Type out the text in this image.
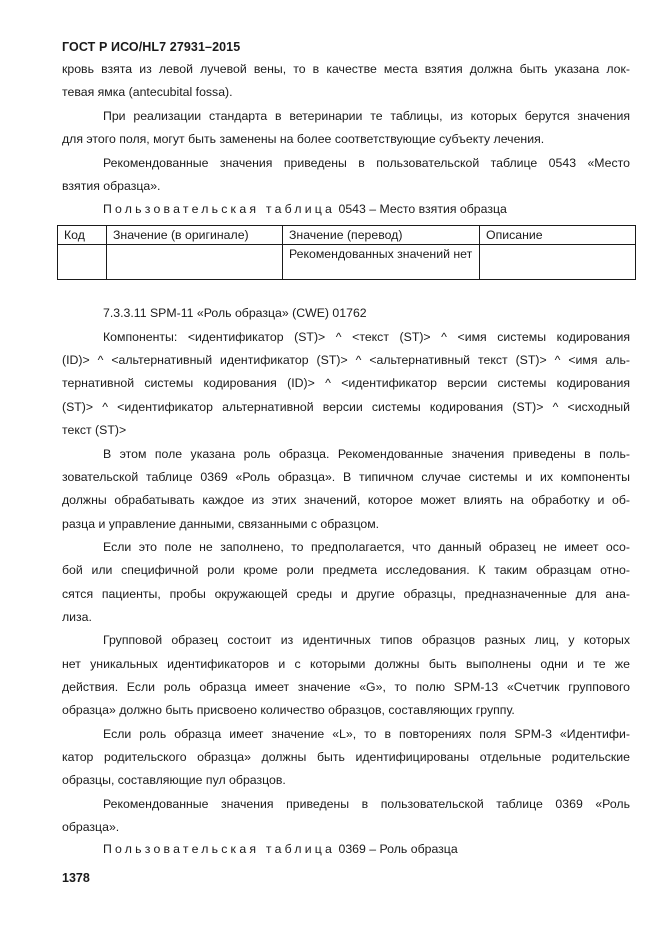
ГОСТ Р ИСО/HL7 27931–2015
кровь взята из левой лучевой вены, то в качестве места взятия должна быть указана лок-
тевая ямка (antecubital fossa).
При реализации стандарта в ветеринарии те таблицы, из которых берутся значения
для этого поля, могут быть заменены на более соответствующие субъекту лечения.
Рекомендованные значения приведены в пользовательской таблице 0543 «Место
взятия образца».
Пользовательская таблица 0543 – Место взятия образца
Код	Значение (в оригинале)	Значение (перевод)	Описание
		Рекомендованных значений нет	
7.3.3.11 SPM-11 «Роль образца» (CWE) 01762
Компоненты: <идентификатор (ST)> ^ <текст (ST)> ^ <имя системы кодирования
(ID)> ^ <альтернативный идентификатор (ST)> ^ <альтернативный текст (ST)> ^ <имя аль-
тернативной системы кодирования (ID)> ^ <идентификатор версии системы кодирования
(ST)> ^ <идентификатор альтернативной версии системы кодирования (ST)> ^ <исходный
текст (ST)>
В этом поле указана роль образца. Рекомендованные значения приведены в поль-
зовательской таблице 0369 «Роль образца». В типичном случае системы и их компоненты
должны обрабатывать каждое из этих значений, которое может влиять на обработку и об-
разца и управление данными, связанными с образцом.
Если это поле не заполнено, то предполагается, что данный образец не имеет осо-
бой или специфичной роли кроме роли предмета исследования. К таким образцам отно-
сятся пациенты, пробы окружающей среды и другие образцы, предназначенные для ана-
лиза.
Групповой образец состоит из идентичных типов образцов разных лиц, у которых
нет уникальных идентификаторов и с которыми должны быть выполнены одни и те же
действия. Если роль образца имеет значение «G», то полю SPM-13 «Счетчик группового
образца» должно быть присвоено количество образцов, составляющих группу.
Если роль образца имеет значение «L», то в повторениях поля SPM-3 «Идентифи-
катор родительского образца» должны быть идентифицированы отдельные родительские
образцы, составляющие пул образцов.
Рекомендованные значения приведены в пользовательской таблице 0369 «Роль
образца».
Пользовательская таблица 0369 – Роль образца
1378
